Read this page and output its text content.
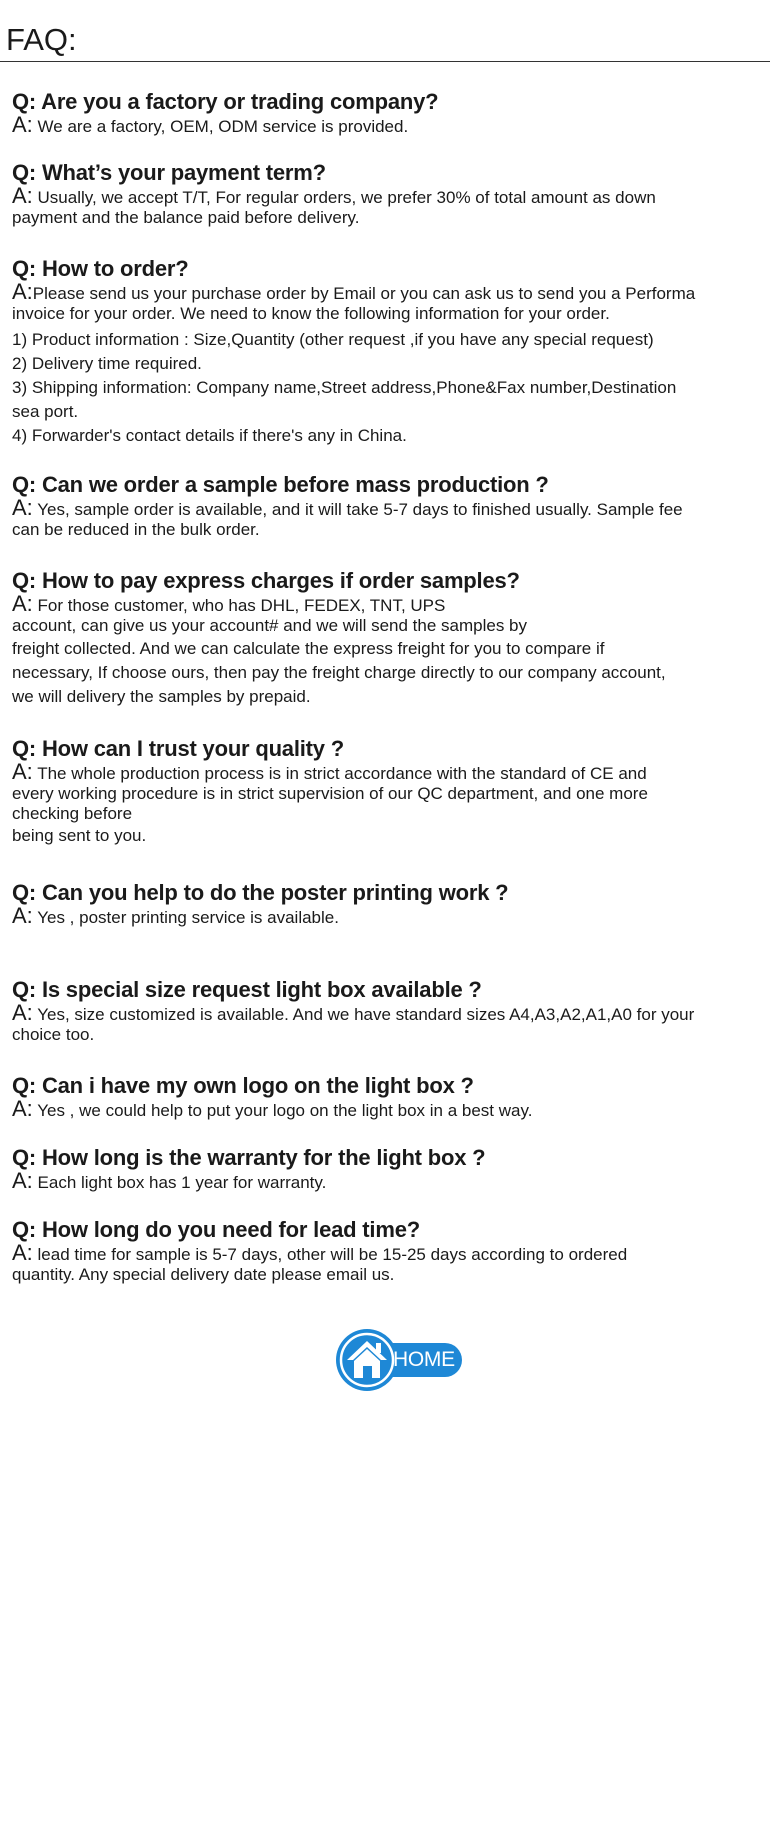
FAQ:

Q: Are you a factory or trading company?

A: We are a factory, OEM, ODM service is provided.

Q: What’s your payment term?

A: Usually, we accept T/T, For regular orders, we prefer 30% of total amount as down
payment and the balance paid before delivery.

Q: How to order?

A:Please send us your purchase order by Email or you can ask us to send you a Performa
invoice for your order. We need to know the following information for your order.

1) Product information : Size,Quantity (other request ,if you have any special request)
2) Delivery time required.
3) Shipping information: Company name,Street address,Phone&Fax number,Destination
sea port.
4) Forwarder's contact details if there's any in China.

Q: Can we order a sample before mass production ?

A: Yes, sample order is available, and it will take 5-7 days to finished usually. Sample fee
can be reduced in the bulk order.

Q: How to pay express charges if order samples?

A: For those customer, who has DHL, FEDEX, TNT, UPS
account, can give us your account# and we will send the samples by

freight collected. And we can calculate the express freight for you to compare if
necessary, If choose ours, then pay the freight charge directly to our company account,
we will delivery the samples by prepaid.

Q: How can I trust your quality ?

A: The whole production process is in strict accordance with the standard of CE and
every working procedure is in strict supervision of our QC department, and one more
checking before

being sent to you.

Q: Can you help to do the poster printing work ?

A: Yes , poster printing service is available.

Q: Is special size request light box available ?

A: Yes, size customized is available. And we have standard sizes A4,A3,A2,A1,A0 for your
choice too.

Q: Can i have my own logo on the light box ?

A: Yes , we could help to put your logo on the light box in a best way.

Q: How long is the warranty for the light box ?

A: Each light box has 1 year for warranty.

Q: How long do you need for lead time?

A: lead time for sample is 5-7 days, other will be 15-25 days according to ordered
quantity. Any special delivery date please email us.

HOME
